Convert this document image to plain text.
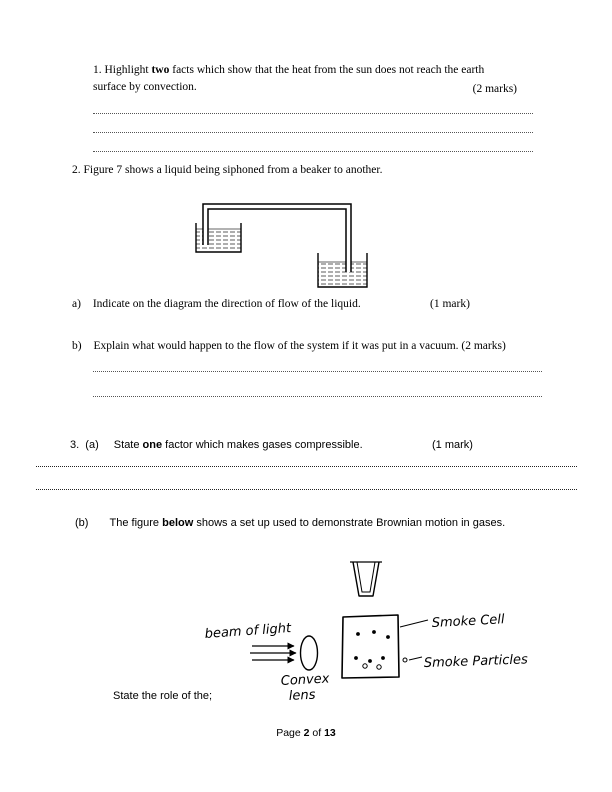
1. Highlight two facts which show that the heat from the sun does not reach the earth surface by convection.	(2 marks)
2. Figure 7 shows a liquid being siphoned from a beaker to another.
a) Indicate on the diagram the direction of flow of the liquid.	(1 mark)
b) Explain what would happen to the flow of the system if it was put in a vacuum. (2 marks)
3.  (a) State one factor which makes gases compressible.	(1 mark)
(b) The figure below shows a set up used to demonstrate Brownian motion in gases.
beam of light
Convex
lens
Smoke Cell
Smoke Particles
State the role of the;
Page 2 of 13
